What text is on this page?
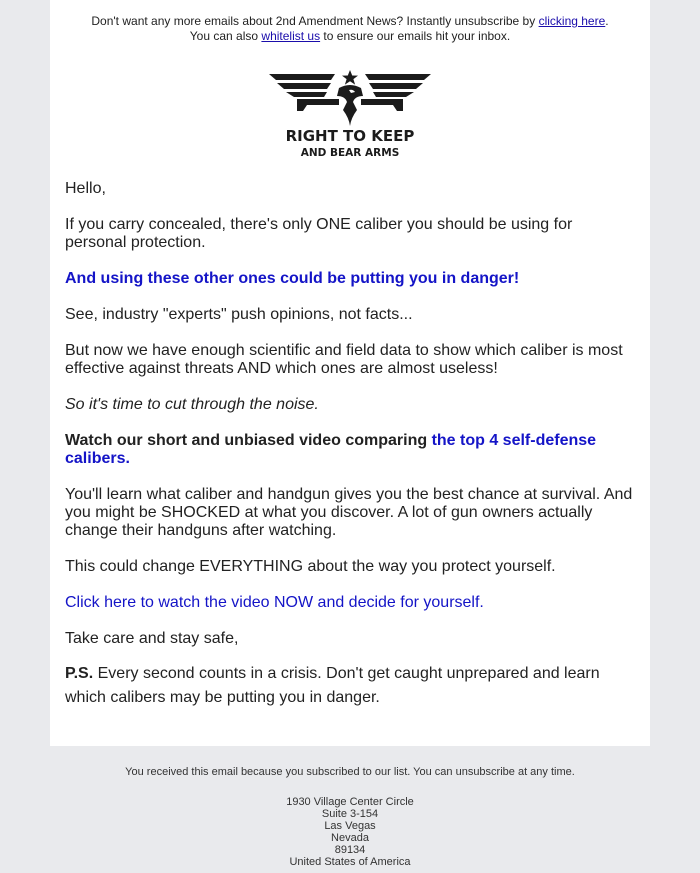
Don't want any more emails about 2nd Amendment News? Instantly unsubscribe by clicking here.
You can also whitelist us to ensure our emails hit your inbox.
RIGHT TO KEEP
AND BEAR ARMS

Hello,

If you carry concealed, there's only ONE caliber you should be using for personal protection.

And using these other ones could be putting you in danger!

See, industry "experts" push opinions, not facts...

But now we have enough scientific and field data to show which caliber is most effective against threats AND which ones are almost useless!

So it's time to cut through the noise.

Watch our short and unbiased video comparing the top 4 self-defense calibers.

You'll learn what caliber and handgun gives you the best chance at survival. And you might be SHOCKED at what you discover. A lot of gun owners actually change their handguns after watching.

This could change EVERYTHING about the way you protect yourself.

Click here to watch the video NOW and decide for yourself.

Take care and stay safe,

P.S. Every second counts in a crisis. Don't get caught unprepared and learn which calibers may be putting you in danger.

You received this email because you subscribed to our list. You can unsubscribe at any time.
1930 Village Center Circle
Suite 3-154
Las Vegas
Nevada
89134
United States of America
